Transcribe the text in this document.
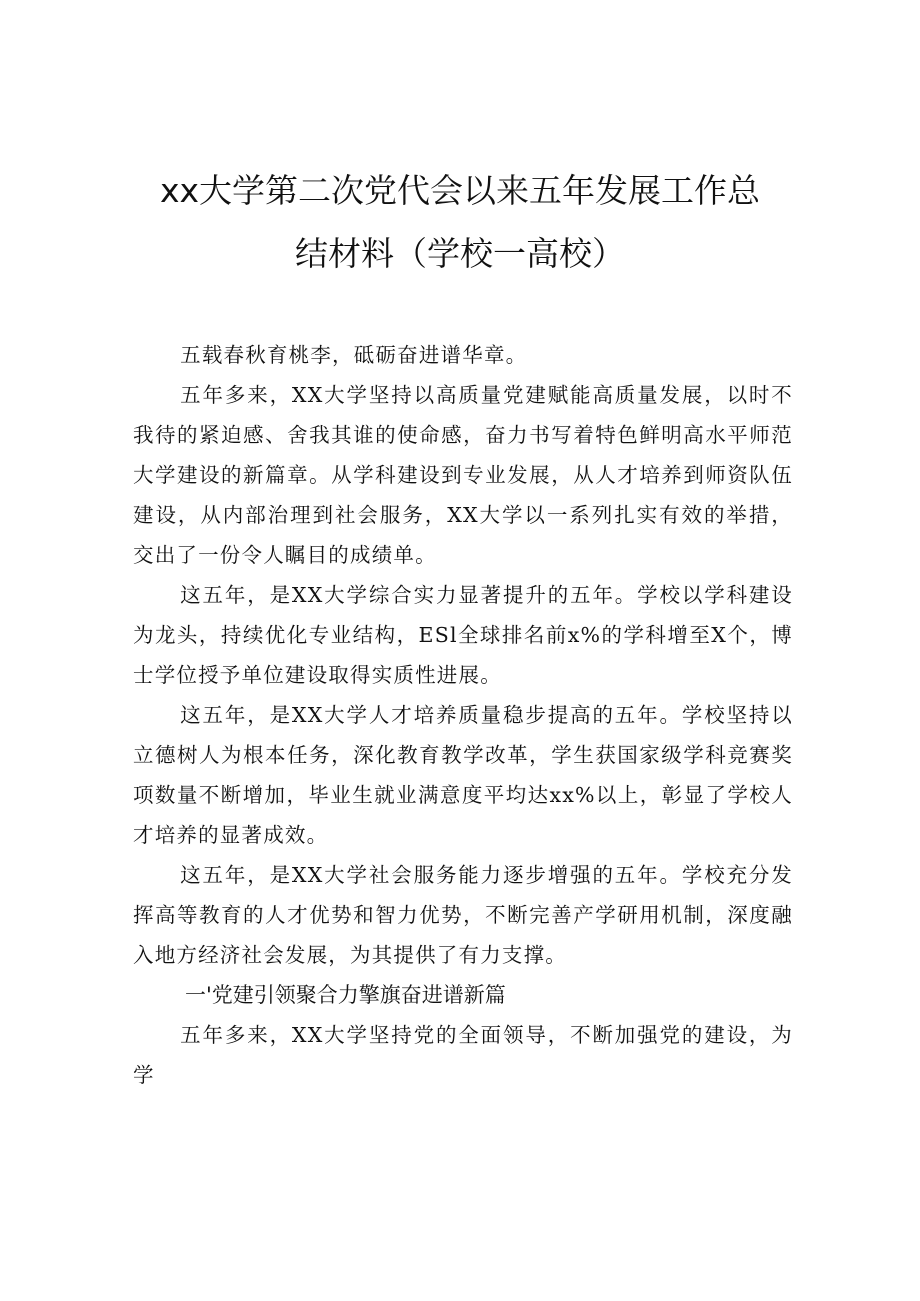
xx大学第二次党代会以来五年发展工作总
结材料（学校一高校）

五载春秋育桃李，砥砺奋进谱华章。

五年多来，XX大学坚持以高质量党建赋能高质量发展，以时不我待的紧迫感、舍我其谁的使命感，奋力书写着特色鲜明高水平师范大学建设的新篇章。从学科建设到专业发展，从人才培养到师资队伍建设，从内部治理到社会服务，XX大学以一系列扎实有效的举措，交出了一份令人瞩目的成绩单。

这五年，是XX大学综合实力显著提升的五年。学校以学科建设为龙头，持续优化专业结构，ESl全球排名前x%的学科增至X个，博士学位授予单位建设取得实质性进展。

这五年，是XX大学人才培养质量稳步提高的五年。学校坚持以立德树人为根本任务，深化教育教学改革，学生获国家级学科竞赛奖项数量不断增加，毕业生就业满意度平均达xx%以上，彰显了学校人才培养的显著成效。

这五年，是XX大学社会服务能力逐步增强的五年。学校充分发挥高等教育的人才优势和智力优势，不断完善产学研用机制，深度融入地方经济社会发展，为其提供了有力支撑。

一'党建引领聚合力擎旗奋进谱新篇

五年多来，XX大学坚持党的全面领导，不断加强党的建设，为学
